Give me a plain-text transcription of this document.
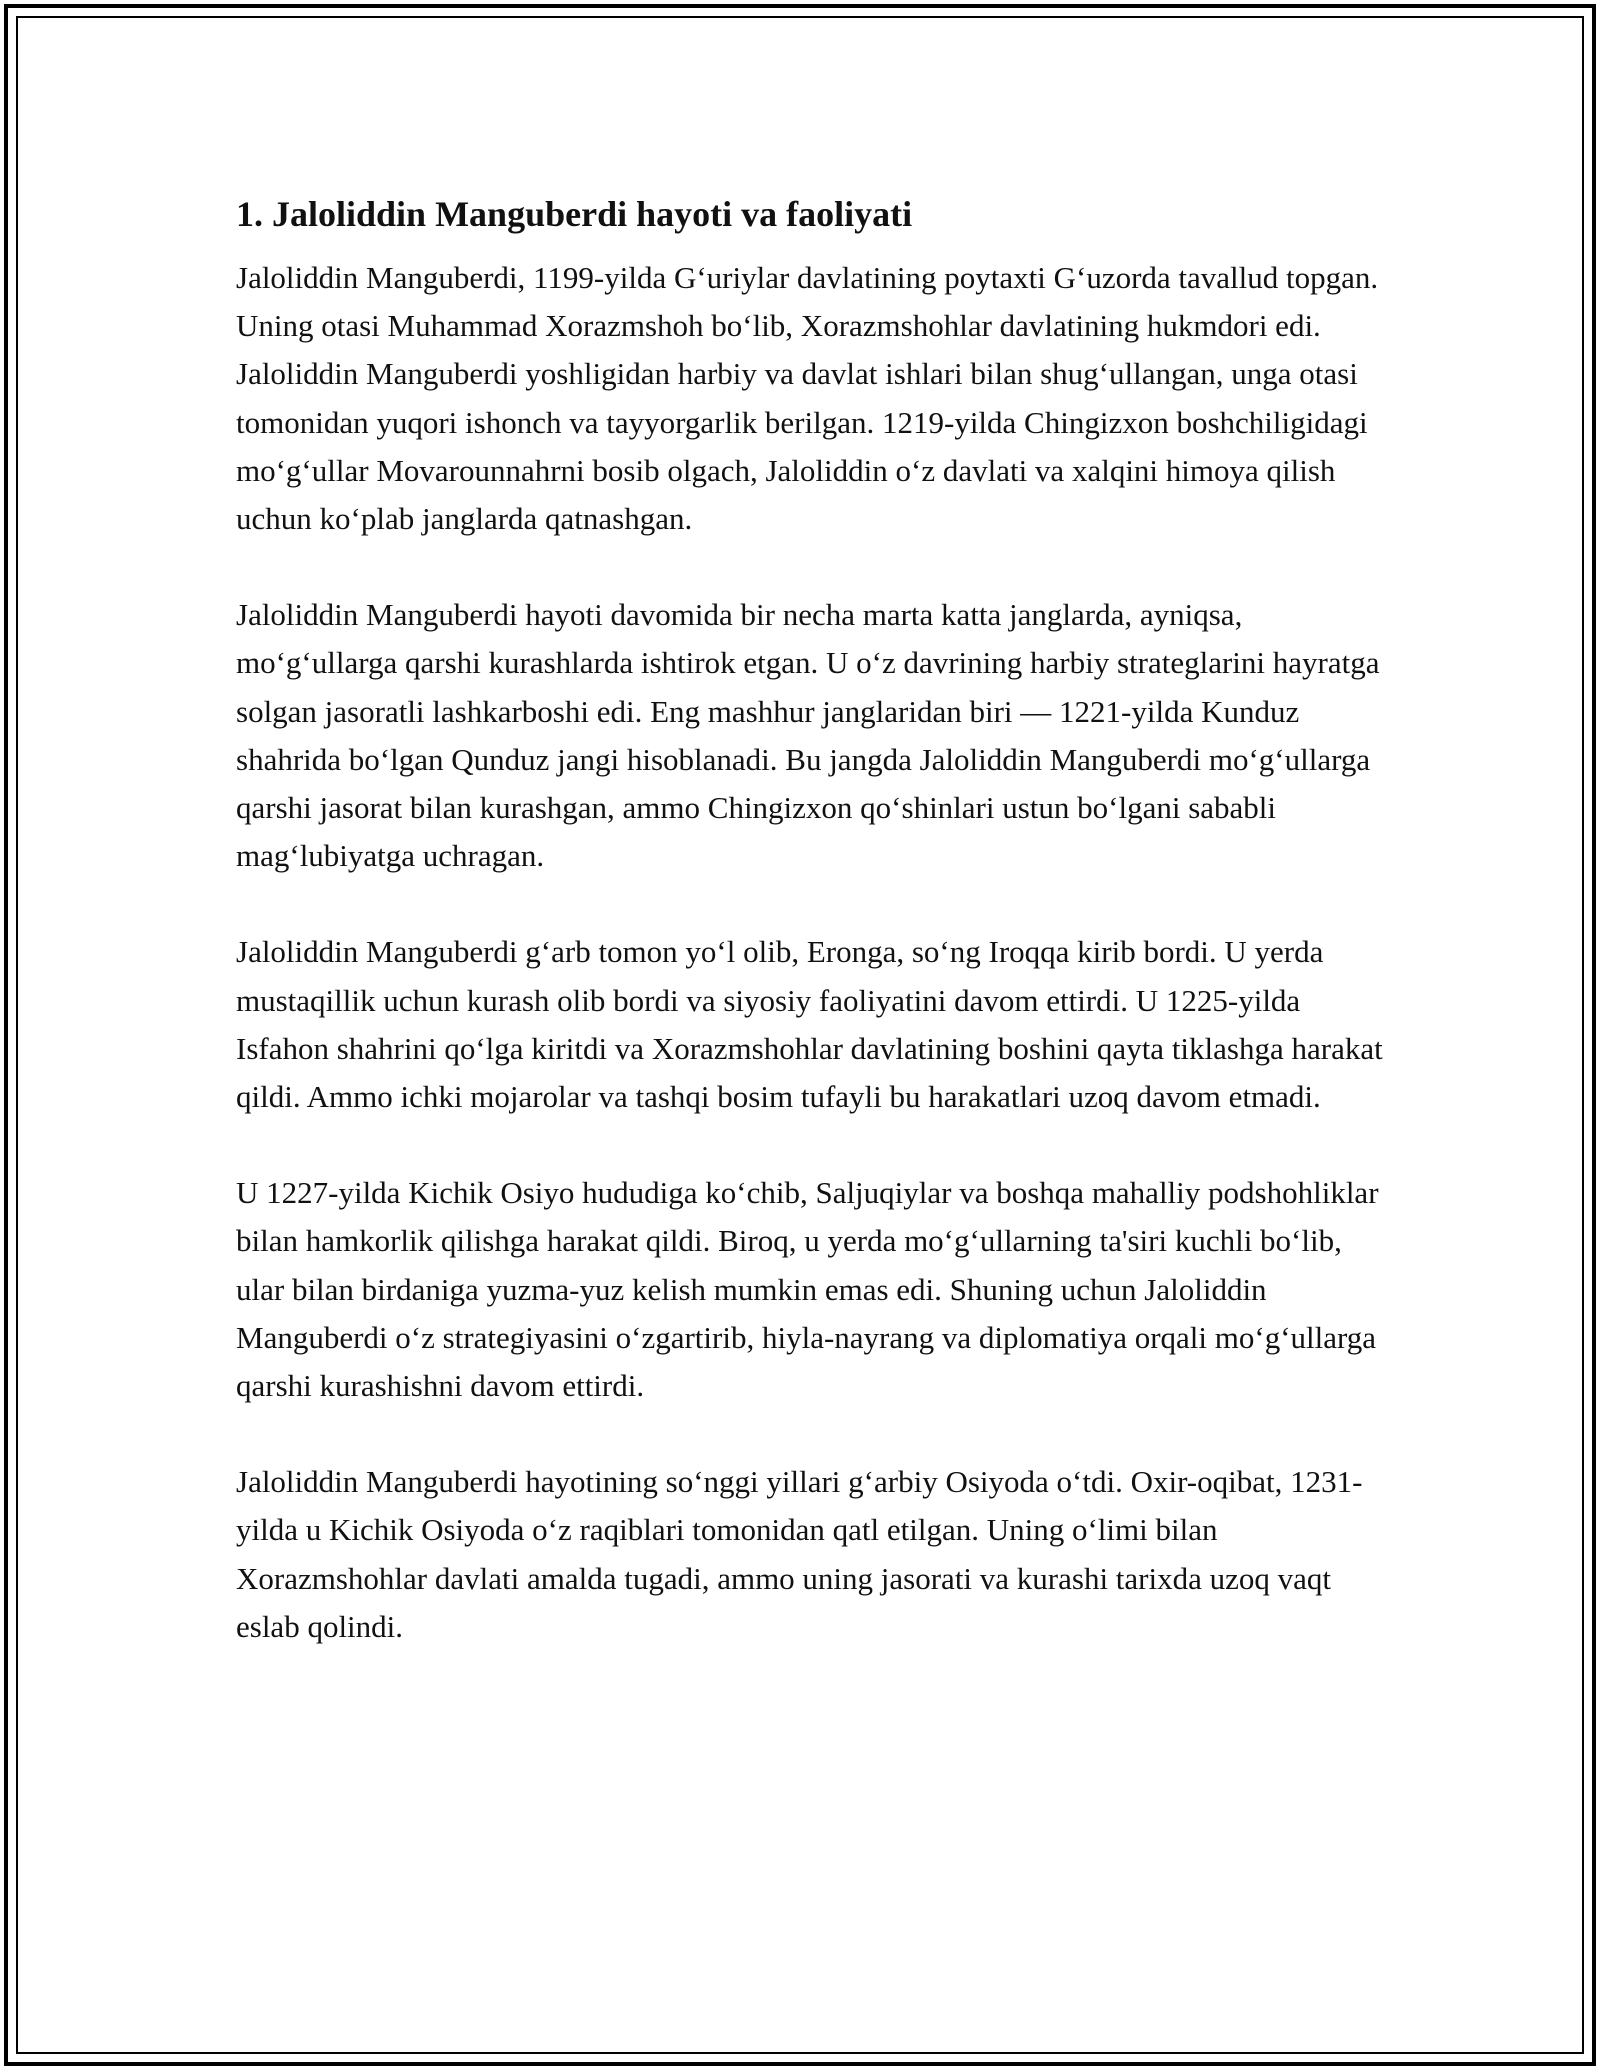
1. Jaloliddin Manguberdi hayoti va faoliyati

Jaloliddin Manguberdi, 1199-yilda G‘uriylar davlatining poytaxti G‘uzorda tavallud topgan. Uning otasi Muhammad Xorazmshoh bo‘lib, Xorazmshohlar davlatining hukmdori edi. Jaloliddin Manguberdi yoshligidan harbiy va davlat ishlari bilan shug‘ullangan, unga otasi tomonidan yuqori ishonch va tayyorgarlik berilgan. 1219-yilda Chingizxon boshchiligidagi mo‘g‘ullar Movarounnahrni bosib olgach, Jaloliddin o‘z davlati va xalqini himoya qilish uchun ko‘plab janglarda qatnashgan.

Jaloliddin Manguberdi hayoti davomida bir necha marta katta janglarda, ayniqsa, mo‘g‘ullarga qarshi kurashlarda ishtirok etgan. U o‘z davrining harbiy strateglarini hayratga solgan jasoratli lashkarboshi edi. Eng mashhur janglaridan biri — 1221-yilda Kunduz shahrida bo‘lgan Qunduz jangi hisoblanadi. Bu jangda Jaloliddin Manguberdi mo‘g‘ullarga qarshi jasorat bilan kurashgan, ammo Chingizxon qo‘shinlari ustun bo‘lgani sababli mag‘lubiyatga uchragan.

Jaloliddin Manguberdi g‘arb tomon yo‘l olib, Eronga, so‘ng Iroqqa kirib bordi. U yerda mustaqillik uchun kurash olib bordi va siyosiy faoliyatini davom ettirdi. U 1225-yilda Isfahon shahrini qo‘lga kiritdi va Xorazmshohlar davlatining boshini qayta tiklashga harakat qildi. Ammo ichki mojarolar va tashqi bosim tufayli bu harakatlari uzoq davom etmadi.

U 1227-yilda Kichik Osiyo hududiga ko‘chib, Saljuqiylar va boshqa mahalliy podshohliklar bilan hamkorlik qilishga harakat qildi. Biroq, u yerda mo‘g‘ullarning ta'siri kuchli bo‘lib, ular bilan birdaniga yuzma-yuz kelish mumkin emas edi. Shuning uchun Jaloliddin Manguberdi o‘z strategiyasini o‘zgartirib, hiyla-nayrang va diplomatiya orqali mo‘g‘ullarga qarshi kurashishni davom ettirdi.

Jaloliddin Manguberdi hayotining so‘nggi yillari g‘arbiy Osiyoda o‘tdi. Oxir-oqibat, 1231-yilda u Kichik Osiyoda o‘z raqiblari tomonidan qatl etilgan. Uning o‘limi bilan Xorazmshohlar davlati amalda tugadi, ammo uning jasorati va kurashi tarixda uzoq vaqt eslab qolindi.
